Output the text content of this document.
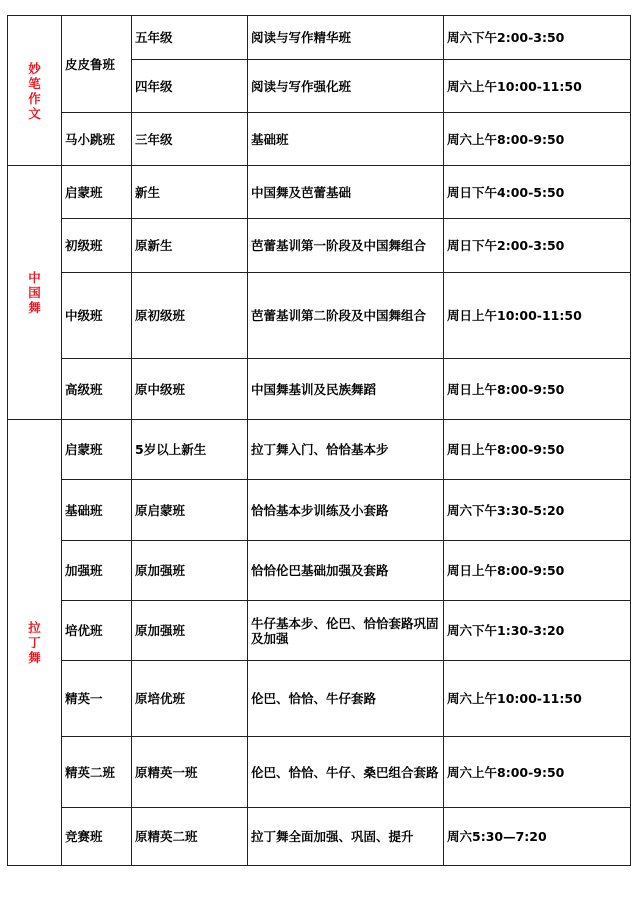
妙笔作文	皮皮鲁班	五年级	阅读与写作精华班	周六下午2:00-3:50
		四年级	阅读与写作强化班	周六上午10:00-11:50
	马小跳班	三年级	基础班	周六上午8:00-9:50

中国舞	启蒙班	新生	中国舞及芭蕾基础	周日下午4:00-5:50
	初级班	原新生	芭蕾基训第一阶段及中国舞组合	周日下午2:00-3:50
	中级班	原初级班	芭蕾基训第二阶段及中国舞组合	周日上午10:00-11:50
	高级班	原中级班	中国舞基训及民族舞蹈	周日上午8:00-9:50

拉丁舞	启蒙班	5岁以上新生	拉丁舞入门、恰恰基本步	周日上午8:00-9:50
	基础班	原启蒙班	恰恰基本步训练及小套路	周六下午3:30-5:20
	加强班	原加强班	恰恰伦巴基础加强及套路	周日上午8:00-9:50
	培优班	原加强班	牛仔基本步、伦巴、恰恰套路巩固及加强	周六下午1:30-3:20
	精英一	原培优班	伦巴、恰恰、牛仔套路	周六上午10:00-11:50
	精英二班	原精英一班	伦巴、恰恰、牛仔、桑巴组合套路	周六上午8:00-9:50
	竞赛班	原精英二班	拉丁舞全面加强、巩固、提升	周六5:30—7:20
